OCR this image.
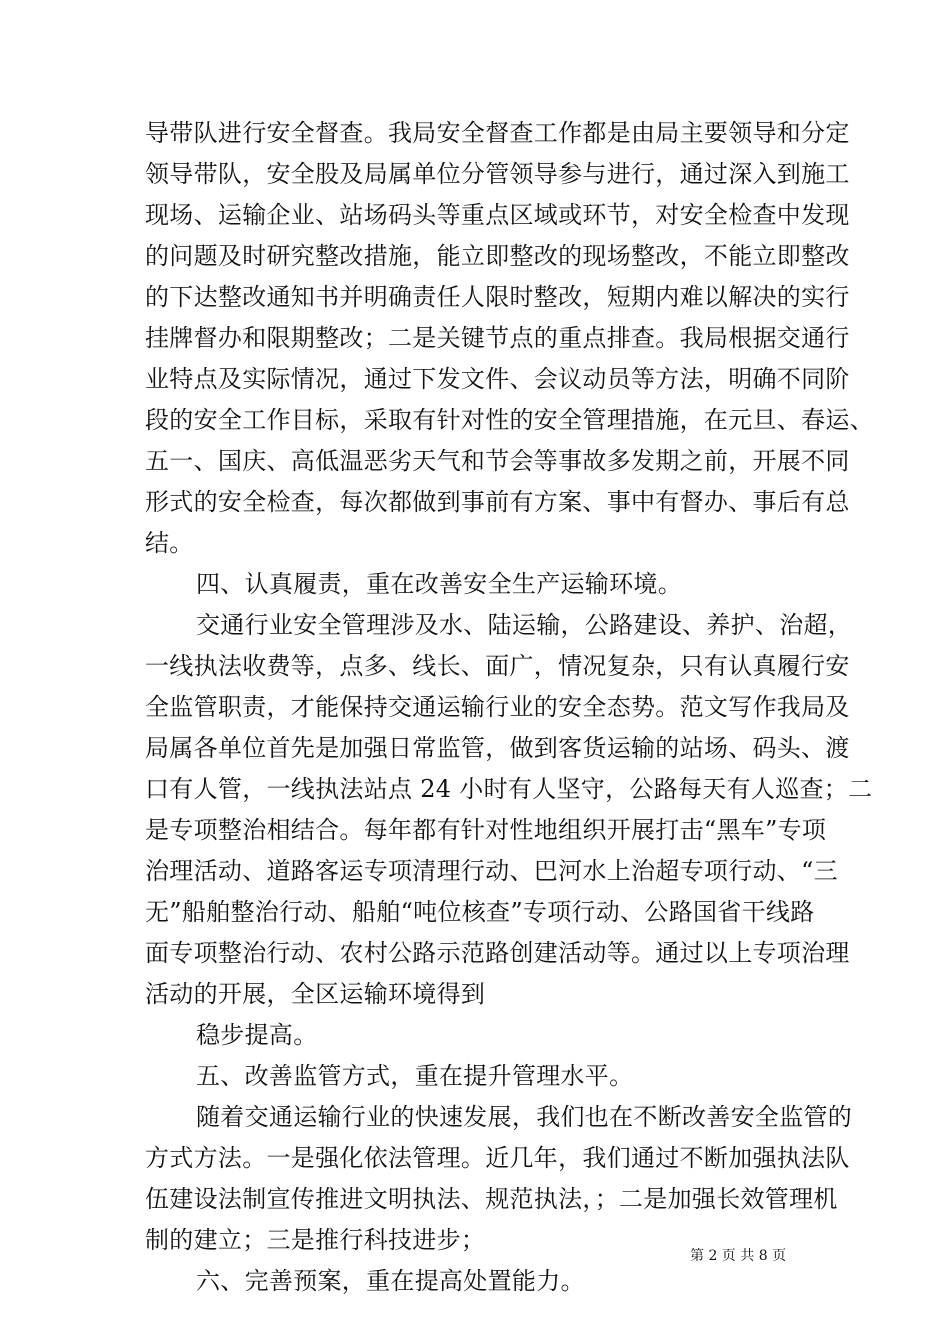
导带队进行安全督查。我局安全督查工作都是由局主要领导和分定
领导带队，安全股及局属单位分管领导参与进行，通过深入到施工
现场、运输企业、站场码头等重点区域或环节，对安全检查中发现
的问题及时研究整改措施，能立即整改的现场整改，不能立即整改
的下达整改通知书并明确责任人限时整改，短期内难以解决的实行
挂牌督办和限期整改；二是关键节点的重点排查。我局根据交通行
业特点及实际情况，通过下发文件、会议动员等方法，明确不同阶
段的安全工作目标，采取有针对性的安全管理措施，在元旦、春运、
五一、国庆、高低温恶劣天气和节会等事故多发期之前，开展不同
形式的安全检查，每次都做到事前有方案、事中有督办、事后有总
结。
四、认真履责，重在改善安全生产运输环境。
交通行业安全管理涉及水、陆运输，公路建设、养护、治超，
一线执法收费等，点多、线长、面广，情况复杂，只有认真履行安
全监管职责，才能保持交通运输行业的安全态势。范文写作我局及
局属各单位首先是加强日常监管，做到客货运输的站场、码头、渡
口有人管，一线执法站点 24 小时有人坚守，公路每天有人巡查；二
是专项整治相结合。每年都有针对性地组织开展打击“黑车”专项
治理活动、道路客运专项清理行动、巴河水上治超专项行动、“三
无”船舶整治行动、船舶“吨位核查”专项行动、公路国省干线路
面专项整治行动、农村公路示范路创建活动等。通过以上专项治理
活动的开展，全区运输环境得到
稳步提高。
五、改善监管方式，重在提升管理水平。
随着交通运输行业的快速发展，我们也在不断改善安全监管的
方式方法。一是强化依法管理。近几年，我们通过不断加强执法队
伍建设法制宣传推进文明执法、规范执法，；二是加强长效管理机
制的建立；三是推行科技进步；
六、完善预案，重在提高处置能力。
第 2 页 共 8 页
